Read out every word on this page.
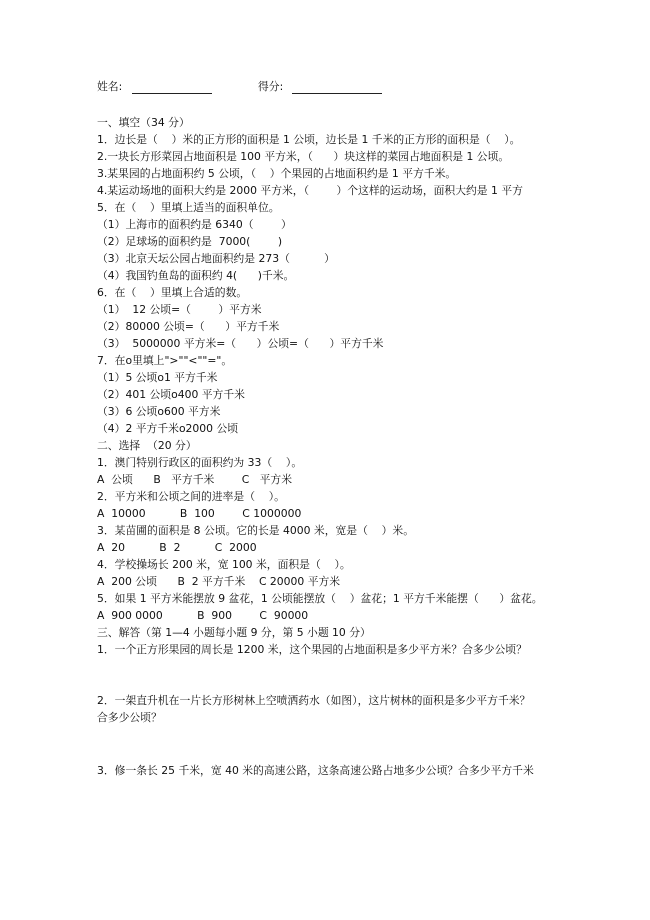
姓名:	得分:
一、填空（34 分）
1．边长是（    ）米的正方形的面积是 1 公顷，边长是 1 千米的正方形的面积是（    ）。
2.一块长方形菜园占地面积是 100 平方米，（      ）块这样的菜园占地面积是 1 公顷。
3.某果园的占地面积约 5 公顷，（    ）个果园的占地面积约是 1 平方千米。
4.某运动场地的面积大约是 2000 平方米，（        ）个这样的运动场，面积大约是 1 平方
5．在（    ）里填上适当的面积单位。
（1）上海市的面积约是 6340（        ）
（2）足球场的面积约是  7000(        )
（3）北京天坛公园占地面积约是 273（          ）
（4）我国钓鱼岛的面积约 4(      )千米。
6．在（    ）里填上合适的数。
（1）  12 公顷=（        ）平方米
（2）80000 公顷=（      ）平方千米
（3）  5000000 平方米=（      ）公顷=（      ）平方千米
7．在o里填上">""<""="。
（1）5 公顷o1 平方千米
（2）401 公顷o400 平方千米
（3）6 公顷o600 平方米
（4）2 平方千米o2000 公顷
二、选择  （20 分）
1．澳门特别行政区的面积约为 33（    ）。
A  公顷      B   平方千米        C   平方米
2．平方米和公顷之间的进率是（    ）。
A  10000          B  100        C 1000000
3．某苗圃的面积是 8 公顷。它的长是 4000 米，宽是（    ）米。
A  20          B  2          C  2000
4．学校操场长 200 米，宽 100 米，面积是（    ）。
A  200 公顷      B  2 平方千米    C 20000 平方米
5．如果 1 平方米能摆放 9 盆花，1 公顷能摆放（    ）盆花；1 平方千米能摆（      ）盆花。
A  900 0000          B  900        C  90000
三、解答（第 1—4 小题每小题 9 分，第 5 小题 10 分）
1．一个正方形果园的周长是 1200 米，这个果园的占地面积是多少平方米？合多少公顷？
2．一架直升机在一片长方形树林上空喷洒药水（如图），这片树林的面积是多少平方千米？
合多少公顷？
3．修一条长 25 千米，宽 40 米的高速公路，这条高速公路占地多少公顷？合多少平方千米
